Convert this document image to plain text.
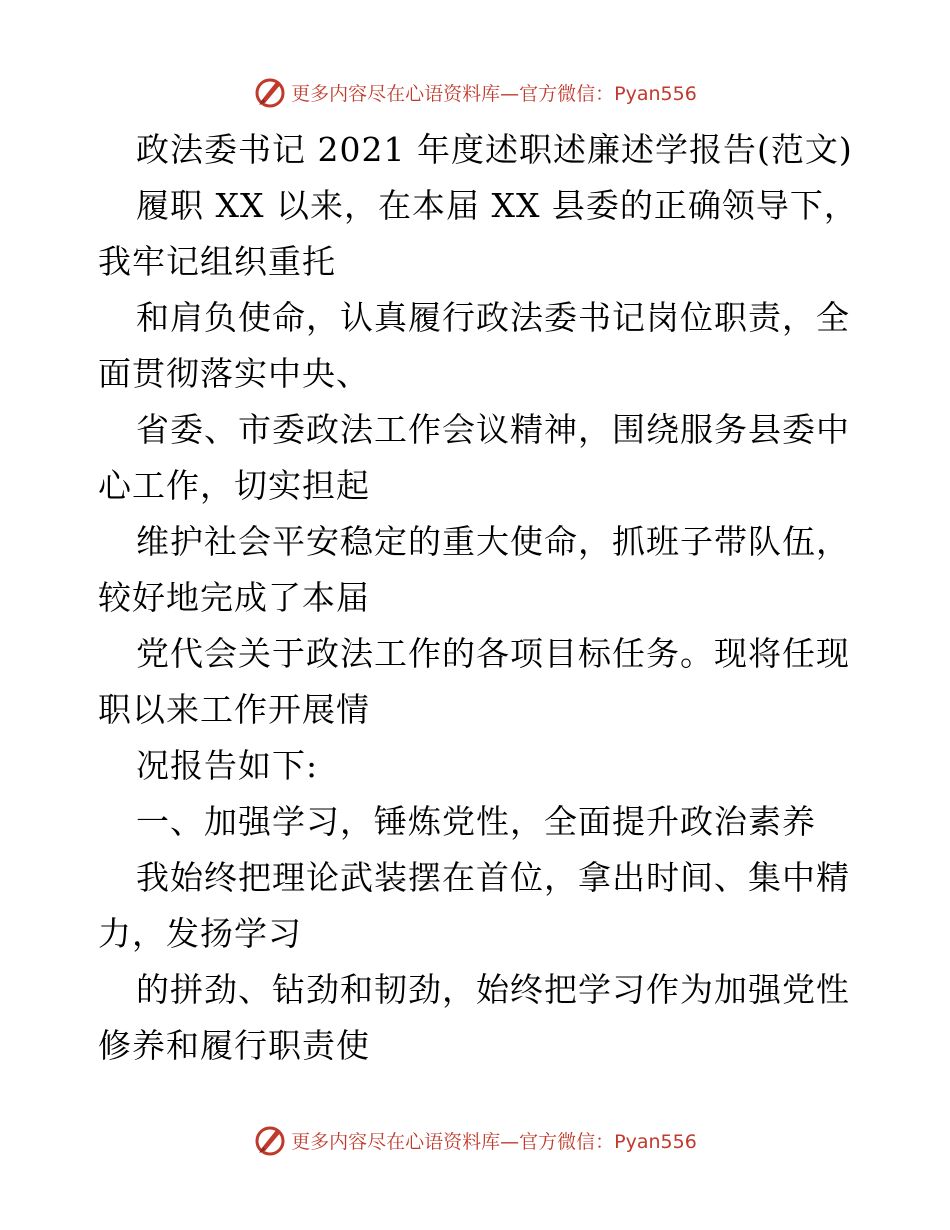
更多内容尽在心语资料库—官方微信：Pyan556
政法委书记 2021 年度述职述廉述学报告(范文)
履职 XX 以来，在本届 XX 县委的正确领导下，
我牢记组织重托
和肩负使命，认真履行政法委书记岗位职责，全
面贯彻落实中央、
省委、市委政法工作会议精神，围绕服务县委中
心工作，切实担起
维护社会平安稳定的重大使命，抓班子带队伍，
较好地完成了本届
党代会关于政法工作的各项目标任务。现将任现
职以来工作开展情
况报告如下:
一、加强学习，锤炼党性，全面提升政治素养
我始终把理论武装摆在首位，拿出时间、集中精
力，发扬学习
的拼劲、钻劲和韧劲，始终把学习作为加强党性
修养和履行职责使
更多内容尽在心语资料库—官方微信：Pyan556
